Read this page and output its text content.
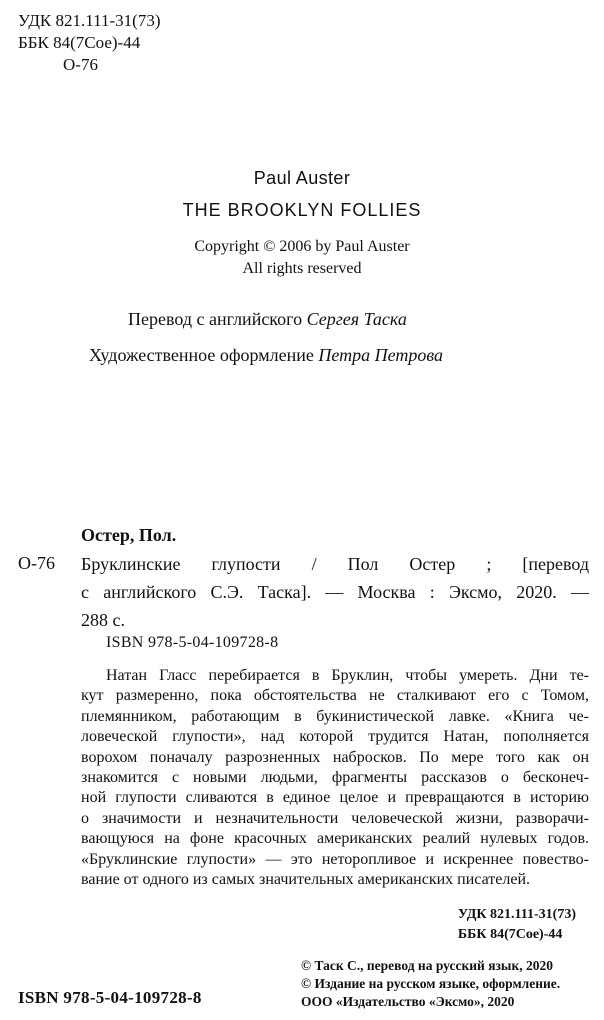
УДК 821.111-31(73)
ББК 84(7Сое)-44
О-76
Paul Auster
THE BROOKLYN FOLLIES
Copyright © 2006 by Paul Auster
All rights reserved
Перевод с английского Сергея Таска
Художественное оформление Петра Петрова
Остер, Пол.
О-76 Бруклинские глупости / Пол Остер ; [перевод
с английского С.Э. Таска]. — Москва : Эксмо, 2020. —
288 с.
ISBN 978-5-04-109728-8
Натан Гласс перебирается в Бруклин, чтобы умереть. Дни те-
кут размеренно, пока обстоятельства не сталкивают его с Томом,
племянником, работающим в букинистической лавке. «Книга че-
ловеческой глупости», над которой трудится Натан, пополняется
ворохом поначалу разрозненных набросков. По мере того как он
знакомится с новыми людьми, фрагменты рассказов о бесконеч-
ной глупости сливаются в единое целое и превращаются в историю
о значимости и незначительности человеческой жизни, разворачи-
вающуюся на фоне красочных американских реалий нулевых годов.
«Бруклинские глупости» — это неторопливое и искреннее повество-
вание от одного из самых значительных американских писателей.
УДК 821.111-31(73)
ББК 84(7Сое)-44
© Таск С., перевод на русский язык, 2020
© Издание на русском языке, оформление.
ООО «Издательство «Эксмо», 2020
ISBN 978-5-04-109728-8
